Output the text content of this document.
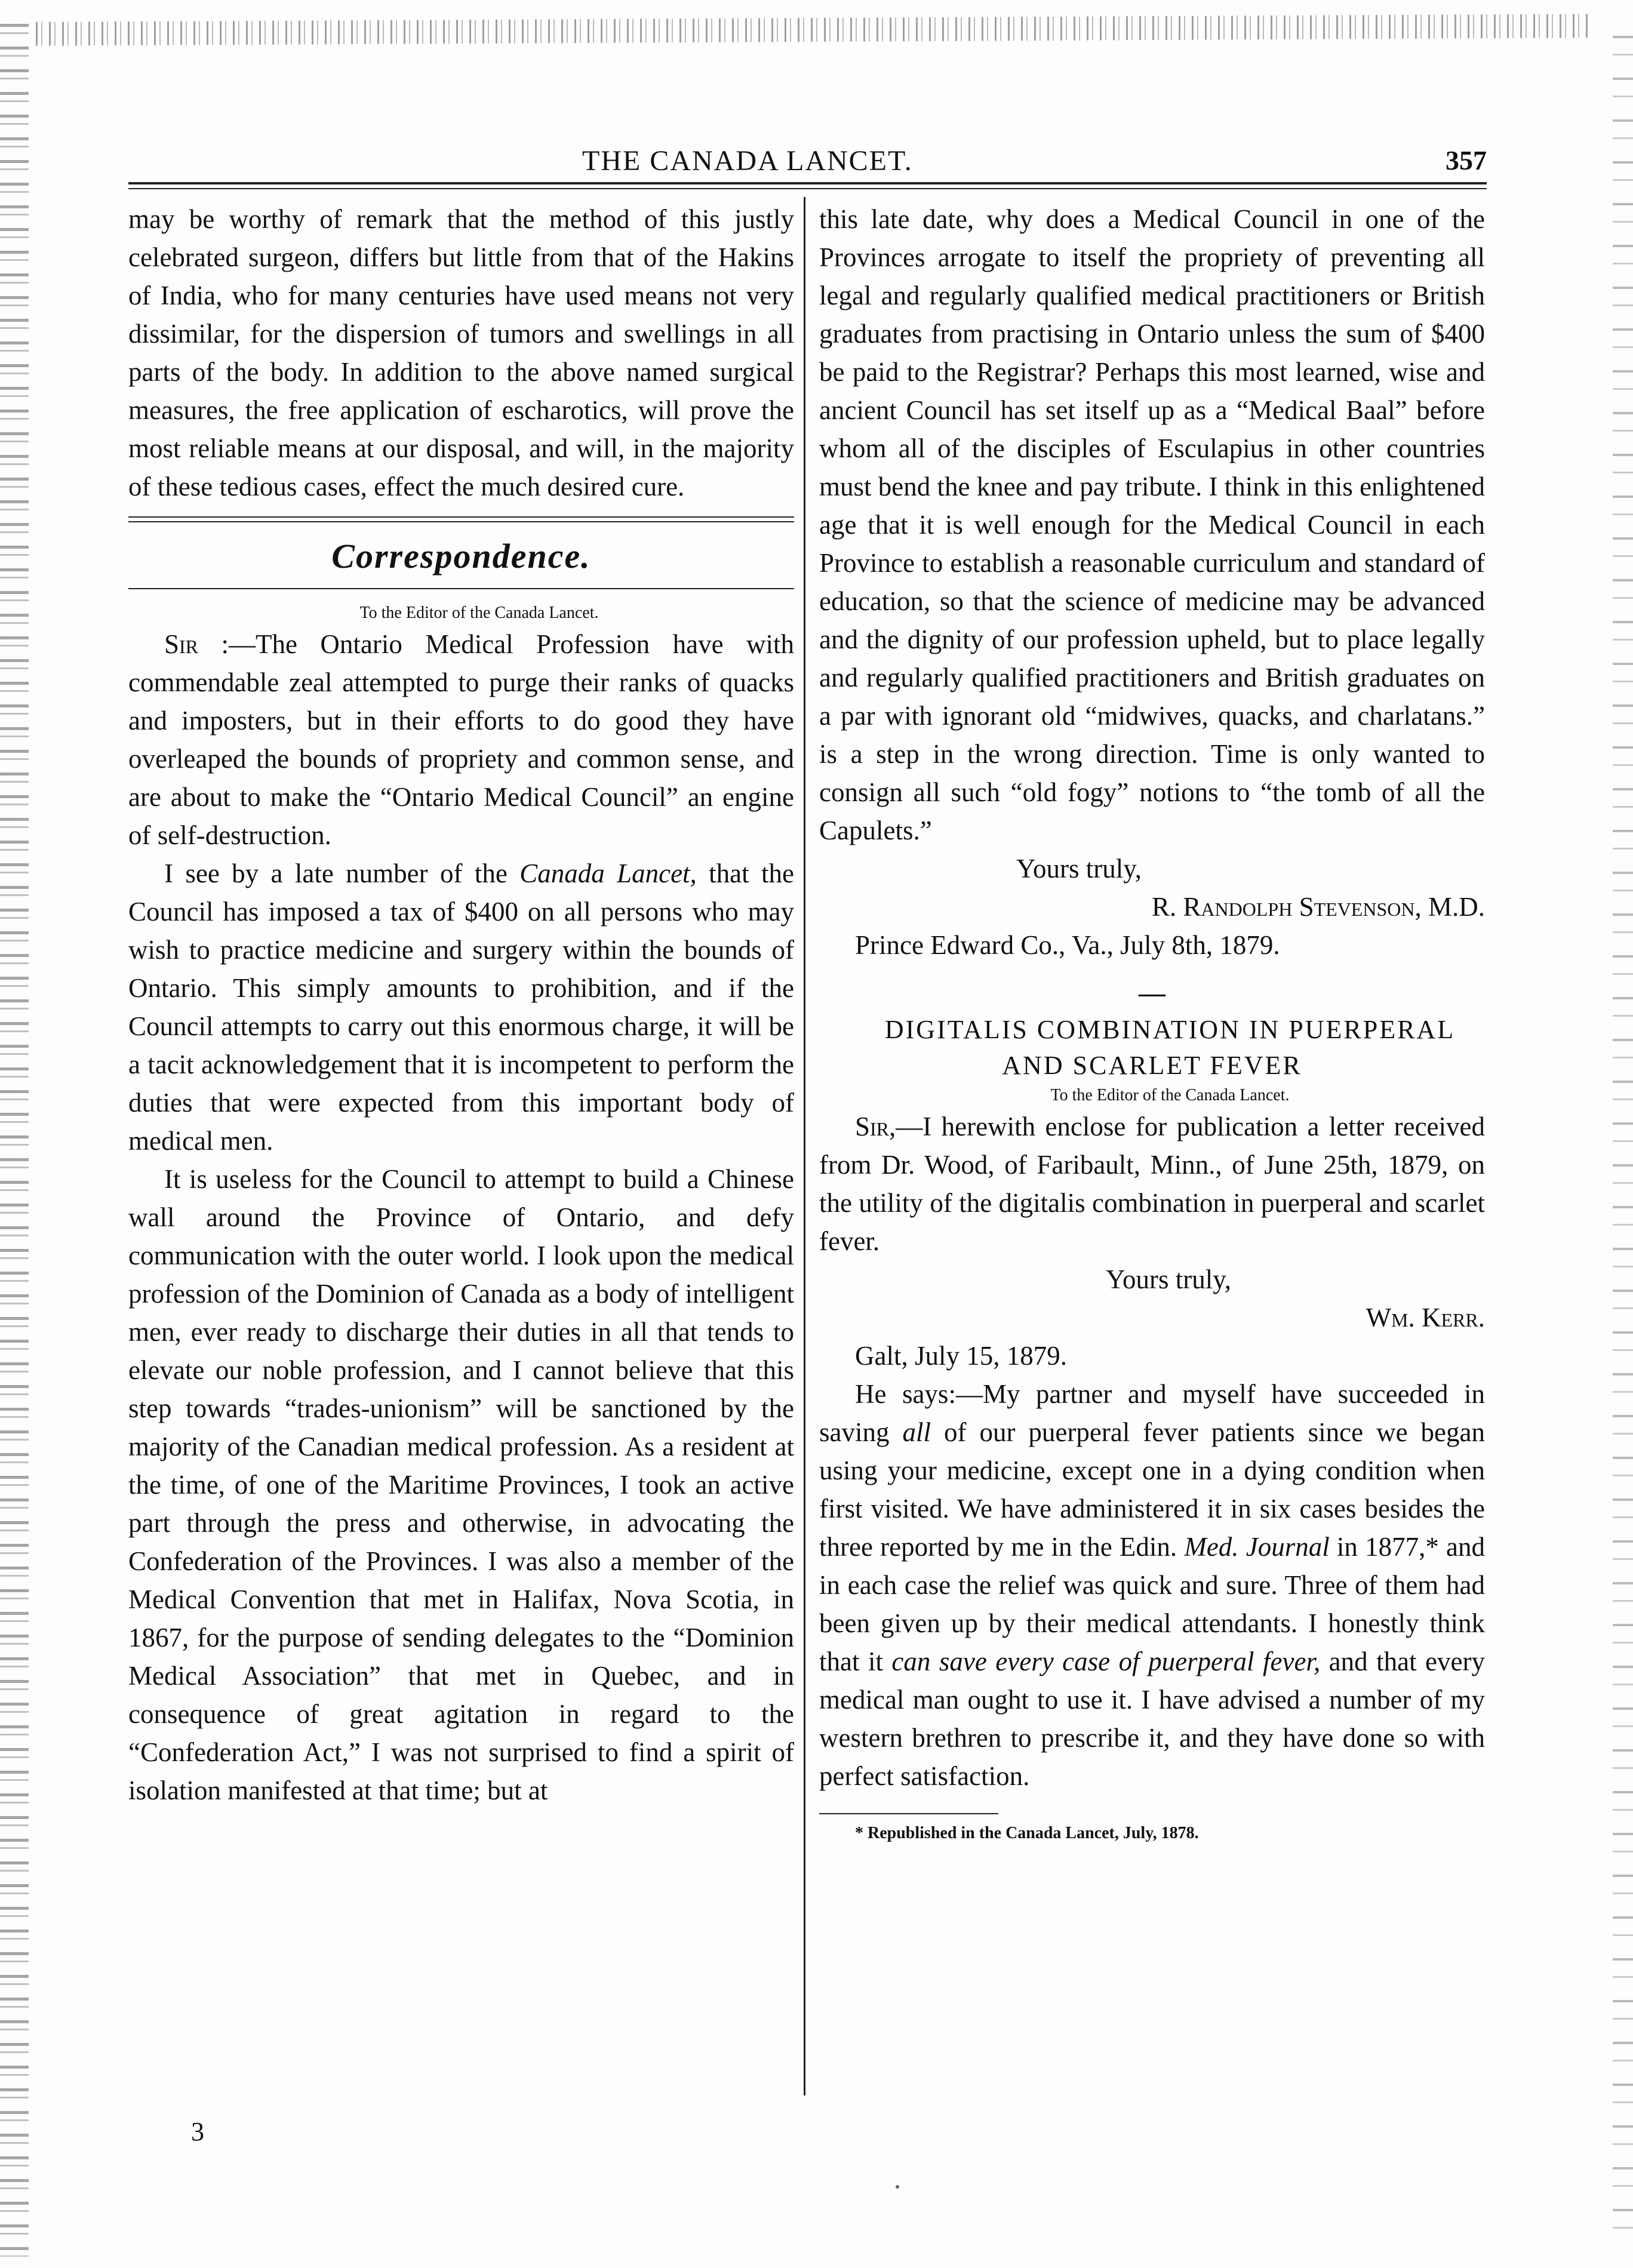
THE CANADA LANCET.	357

may be worthy of remark that the method of this justly celebrated surgeon, differs but little from that of the Hakins of India, who for many centuries have used means not very dissimilar, for the dispersion of tumors and swellings in all parts of the body. In addition to the above named surgical measures, the free application of escharotics, will prove the most reliable means at our disposal, and will, in the majority of these tedious cases, effect the much desired cure.

Correspondence.

To the Editor of the Canada Lancet.

Sir :—The Ontario Medical Profession have with commendable zeal attempted to purge their ranks of quacks and imposters, but in their efforts to do good they have overleaped the bounds of propriety and common sense, and are about to make the “Ontario Medical Council” an engine of self-destruction.

I see by a late number of the Canada Lancet, that the Council has imposed a tax of $400 on all persons who may wish to practice medicine and surgery within the bounds of Ontario. This simply amounts to prohibition, and if the Council attempts to carry out this enormous charge, it will be a tacit acknowledgement that it is incompetent to perform the duties that were expected from this important body of medical men.

It is useless for the Council to attempt to build a Chinese wall around the Province of Ontario, and defy communication with the outer world. I look upon the medical profession of the Dominion of Canada as a body of intelligent men, ever ready to discharge their duties in all that tends to elevate our noble profession, and I cannot believe that this step towards “trades-unionism” will be sanctioned by the majority of the Canadian medical profession. As a resident at the time, of one of the Maritime Provinces, I took an active part through the press and otherwise, in advocating the Confederation of the Provinces. I was also a member of the Medical Convention that met in Halifax, Nova Scotia, in 1867, for the purpose of sending delegates to the “Dominion Medical Association” that met in Quebec, and in consequence of great agitation in regard to the “Confederation Act,” I was not surprised to find a spirit of isolation manifested at that time; but at

3

this late date, why does a Medical Council in one of the Provinces arrogate to itself the propriety of preventing all legal and regularly qualified medical practitioners or British graduates from practising in Ontario unless the sum of $400 be paid to the Registrar? Perhaps this most learned, wise and ancient Council has set itself up as a “Medical Baal” before whom all of the disciples of Esculapius in other countries must bend the knee and pay tribute. I think in this enlightened age that it is well enough for the Medical Council in each Province to establish a reasonable curriculum and standard of education, so that the science of medicine may be advanced and the dignity of our profession upheld, but to place legally and regularly qualified practitioners and British graduates on a par with ignorant old “midwives, quacks, and charlatans.” is a step in the wrong direction. Time is only wanted to consign all such “old fogy” notions to “the tomb of all the Capulets.”

Yours truly,

R. Randolph Stevenson, M.D.

Prince Edward Co., Va., July 8th, 1879.

—

DIGITALIS COMBINATION IN PUERPERAL AND SCARLET FEVER

To the Editor of the Canada Lancet.

Sir,—I herewith enclose for publication a letter received from Dr. Wood, of Faribault, Minn., of June 25th, 1879, on the utility of the digitalis combination in puerperal and scarlet fever.

Yours truly,

Wm. Kerr.

Galt, July 15, 1879.

He says:—My partner and myself have succeeded in saving all of our puerperal fever patients since we began using your medicine, except one in a dying condition when first visited. We have administered it in six cases besides the three reported by me in the Edin. Med. Journal in 1877,* and in each case the relief was quick and sure. Three of them had been given up by their medical attendants. I honestly think that it can save every case of puerperal fever, and that every medical man ought to use it. I have advised a number of my western brethren to prescribe it, and they have done so with perfect satisfaction.

* Republished in the Canada Lancet, July, 1878.
